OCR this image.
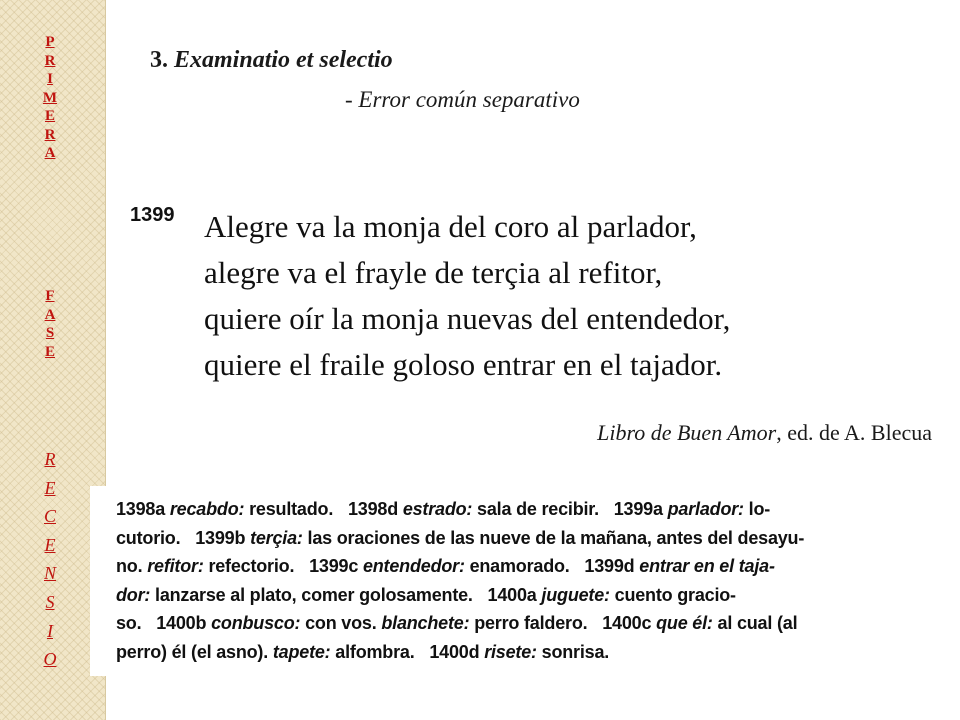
P
R
I
M
E
R
A
F
A
S
E
R
E
C
E
N
S
I
O
3. Examinatio et selectio
- Error común separativo
1399 Alegre va la monja del coro al parlador,
alegre va el frayle de terçia al refitor,
quiere oír la monja nuevas del entendedor,
quiere el fraile goloso entrar en el tajador.
Libro de Buen Amor, ed. de A. Blecua
1398a recabdo: resultado. 1398d estrado: sala de recibir. 1399a parlador: lo-
cutorio. 1399b terçia: las oraciones de las nueve de la mañana, antes del desayu-
no. refitor: refectorio. 1399c entendedor: enamorado. 1399d entrar en el taja-
dor: lanzarse al plato, comer golosamente. 1400a juguete: cuento gracio-
so. 1400b conbusco: con vos. blanchete: perro faldero. 1400c que él: al cual (al
perro) él (el asno). tapete: alfombra. 1400d risete: sonrisa.
